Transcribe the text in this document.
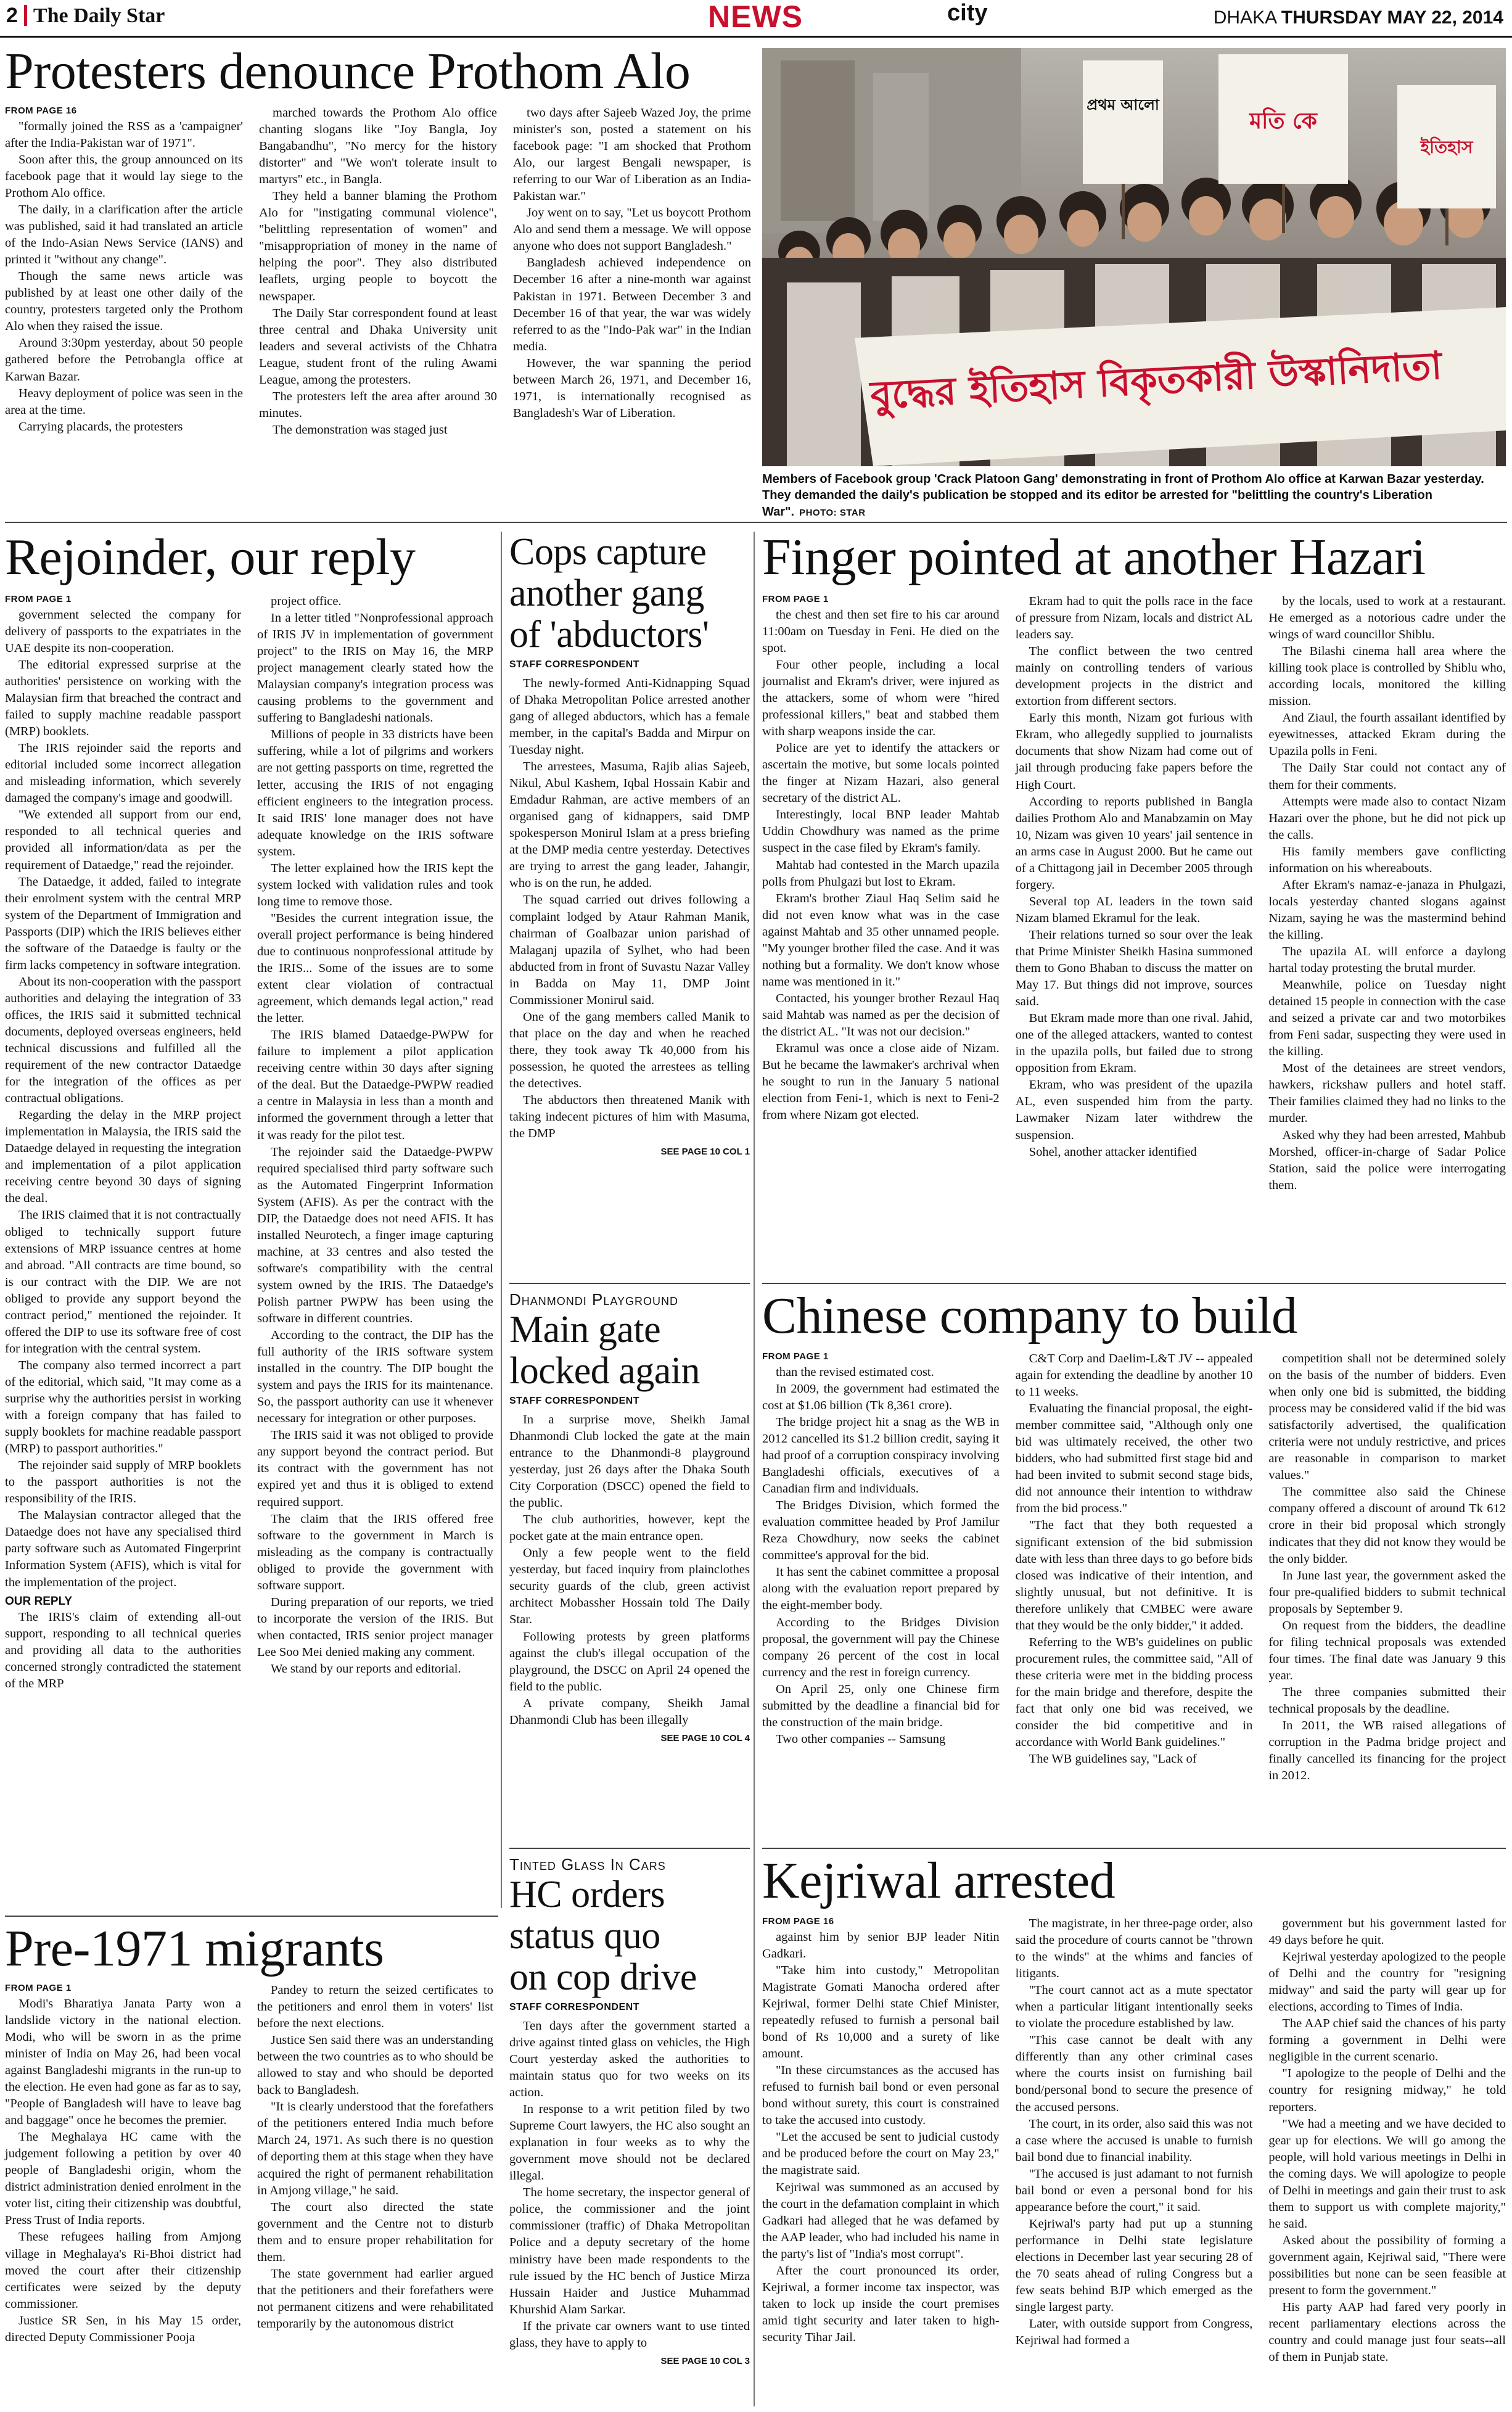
2 The Daily Star	NEWS	city	DHAKA THURSDAY MAY 22, 2014
Protesters denounce Prothom Alo
FROM PAGE 16

"formally joined the RSS as a 'campaigner' after the India-Pakistan war of 1971".

Soon after this, the group announced on its facebook page that it would lay siege to the Prothom Alo office.

The daily, in a clarification after the article was published, said it had translated an article of the Indo-Asian News Service (IANS) and printed it "without any change".

Though the same news article was published by at least one other daily of the country, protesters targeted only the Prothom Alo when they raised the issue.

Around 3:30pm yesterday, about 50 people gathered before the Petrobangla office at Karwan Bazar.

Heavy deployment of police was seen in the area at the time.

Carrying placards, the protesters

marched towards the Prothom Alo office chanting slogans like "Joy Bangla, Joy Bangabandhu", "No mercy for the history distorter" and "We won't tolerate insult to martyrs" etc., in Bangla.

They held a banner blaming the Prothom Alo for "instigating communal violence", "belittling representation of women" and "misappropriation of money in the name of helping the poor". They also distributed leaflets, urging people to boycott the newspaper.

The Daily Star correspondent found at least three central and Dhaka University unit leaders and several activists of the Chhatra League, student front of the ruling Awami League, among the protesters.

The protesters left the area after around 30 minutes.

The demonstration was staged just

two days after Sajeeb Wazed Joy, the prime minister's son, posted a statement on his facebook page: "I am shocked that Prothom Alo, our largest Bengali newspaper, is referring to our War of Liberation as an India-Pakistan war."

Joy went on to say, "Let us boycott Prothom Alo and send them a message. We will oppose anyone who does not support Bangladesh."

Bangladesh achieved independence on December 16 after a nine-month war against Pakistan in 1971. Between December 3 and December 16 of that year, the war was widely referred to as the "Indo-Pak war" in the Indian media.

However, the war spanning the period between March 26, 1971, and December 16, 1971, is internationally recognised as Bangladesh's War of Liberation.

প্রথম আলো
মতি কে
ইতিহাস
বুদ্ধের ইতিহাস বিকৃতকারী উস্কানিদাতা
Members of Facebook group 'Crack Platoon Gang' demonstrating in front of Prothom Alo office at Karwan Bazar yesterday. They demanded the daily's publication be stopped and its editor be arrested for "belittling the country's Liberation War". PHOTO: STAR
Rejoinder, our reply
FROM PAGE 1

government selected the company for delivery of passports to the expatriates in the UAE despite its non-cooperation.

The editorial expressed surprise at the authorities' persistence on working with the Malaysian firm that breached the contract and failed to supply machine readable passport (MRP) booklets.

The IRIS rejoinder said the reports and editorial included some incorrect allegation and misleading information, which severely damaged the company's image and goodwill.

"We extended all support from our end, responded to all technical queries and provided all information/data as per the requirement of Dataedge," read the rejoinder.

The Dataedge, it added, failed to integrate their enrolment system with the central MRP system of the Department of Immigration and Passports (DIP) which the IRIS believes either the software of the Dataedge is faulty or the firm lacks competency in software integration.

About its non-cooperation with the passport authorities and delaying the integration of 33 offices, the IRIS said it submitted technical documents, deployed overseas engineers, held technical discussions and fulfilled all the requirement of the new contractor Dataedge for the integration of the offices as per contractual obligations.

Regarding the delay in the MRP project implementation in Malaysia, the IRIS said the Dataedge delayed in requesting the integration and implementation of a pilot application receiving centre beyond 30 days of signing the deal.

The IRIS claimed that it is not contractually obliged to technically support future extensions of MRP issuance centres at home and abroad. "All contracts are time bound, so is our contract with the DIP. We are not obliged to provide any support beyond the contract period," mentioned the rejoinder. It offered the DIP to use its software free of cost for integration with the central system.

The company also termed incorrect a part of the editorial, which said, "It may come as a surprise why the authorities persist in working with a foreign company that has failed to supply booklets for machine readable passport (MRP) to passport authorities."

The rejoinder said supply of MRP booklets to the passport authorities is not the responsibility of the IRIS.

The Malaysian contractor alleged that the Dataedge does not have any specialised third party software such as Automated Fingerprint Information System (AFIS), which is vital for the implementation of the project.

OUR REPLY

The IRIS's claim of extending all-out support, responding to all technical queries and providing all data to the authorities concerned strongly contradicted the statement of the MRP

project office.

In a letter titled "Nonprofessional approach of IRIS JV in implementation of government project" to the IRIS on May 16, the MRP project management clearly stated how the Malaysian company's integration process was causing problems to the government and suffering to Bangladeshi nationals.

Millions of people in 33 districts have been suffering, while a lot of pilgrims and workers are not getting passports on time, regretted the letter, accusing the IRIS of not engaging efficient engineers to the integration process. It said IRIS' lone manager does not have adequate knowledge on the IRIS software system.

The letter explained how the IRIS kept the system locked with validation rules and took long time to remove those.

"Besides the current integration issue, the overall project performance is being hindered due to continuous nonprofessional attitude by the IRIS... Some of the issues are to some extent clear violation of contractual agreement, which demands legal action," read the letter.

The IRIS blamed Dataedge-PWPW for failure to implement a pilot application receiving centre within 30 days after signing of the deal. But the Dataedge-PWPW readied a centre in Malaysia in less than a month and informed the government through a letter that it was ready for the pilot test.

The rejoinder said the Dataedge-PWPW required specialised third party software such as the Automated Fingerprint Information System (AFIS). As per the contract with the DIP, the Dataedge does not need AFIS. It has installed Neurotech, a finger image capturing machine, at 33 centres and also tested the software's compatibility with the central system owned by the IRIS. The Dataedge's Polish partner PWPW has been using the software in different countries.

According to the contract, the DIP has the full authority of the IRIS software system installed in the country. The DIP bought the system and pays the IRIS for its maintenance. So, the passport authority can use it whenever necessary for integration or other purposes.

The IRIS said it was not obliged to provide any support beyond the contract period. But its contract with the government has not expired yet and thus it is obliged to extend required support.

The claim that the IRIS offered free software to the government in March is misleading as the company is contractually obliged to provide the government with software support.

During preparation of our reports, we tried to incorporate the version of the IRIS. But when contacted, IRIS senior project manager Lee Soo Mei denied making any comment.

We stand by our reports and editorial.

Cops capture
another gang
of 'abductors'
STAFF CORRESPONDENT

The newly-formed Anti-Kidnapping Squad of Dhaka Metropolitan Police arrested another gang of alleged abductors, which has a female member, in the capital's Badda and Mirpur on Tuesday night.

The arrestees, Masuma, Rajib alias Sajeeb, Nikul, Abul Kashem, Iqbal Hossain Kabir and Emdadur Rahman, are active members of an organised gang of kidnappers, said DMP spokesperson Monirul Islam at a press briefing at the DMP media centre yesterday. Detectives are trying to arrest the gang leader, Jahangir, who is on the run, he added.

The squad carried out drives following a complaint lodged by Ataur Rahman Manik, chairman of Goalbazar union parishad of Malaganj upazila of Sylhet, who had been abducted from in front of Suvastu Nazar Valley in Badda on May 11, DMP Joint Commissioner Monirul said.

One of the gang members called Manik to that place on the day and when he reached there, they took away Tk 40,000 from his possession, he quoted the arrestees as telling the detectives.

The abductors then threatened Manik with taking indecent pictures of him with Masuma, the DMP

SEE PAGE 10 COL 1
Dhanmondi Playground
Main gate
locked again
STAFF CORRESPONDENT

In a surprise move, Sheikh Jamal Dhanmondi Club locked the gate at the main entrance to the Dhanmondi-8 playground yesterday, just 26 days after the Dhaka South City Corporation (DSCC) opened the field to the public.

The club authorities, however, kept the pocket gate at the main entrance open.

Only a few people went to the field yesterday, but faced inquiry from plainclothes security guards of the club, green activist architect Mobassher Hossain told The Daily Star.

Following protests by green platforms against the club's illegal occupation of the playground, the DSCC on April 24 opened the field to the public.

A private company, Sheikh Jamal Dhanmondi Club has been illegally

SEE PAGE 10 COL 4
Tinted Glass In Cars
HC orders
status quo
on cop drive
STAFF CORRESPONDENT

Ten days after the government started a drive against tinted glass on vehicles, the High Court yesterday asked the authorities to maintain status quo for two weeks on its action.

In response to a writ petition filed by two Supreme Court lawyers, the HC also sought an explanation in four weeks as to why the government move should not be declared illegal.

The home secretary, the inspector general of police, the commissioner and the joint commissioner (traffic) of Dhaka Metropolitan Police and a deputy secretary of the home ministry have been made respondents to the rule issued by the HC bench of Justice Mirza Hussain Haider and Justice Muhammad Khurshid Alam Sarkar.

If the private car owners want to use tinted glass, they have to apply to

SEE PAGE 10 COL 3
Finger pointed at another Hazari
FROM PAGE 1

the chest and then set fire to his car around 11:00am on Tuesday in Feni. He died on the spot.

Four other people, including a local journalist and Ekram's driver, were injured as the attackers, some of whom were "hired professional killers," beat and stabbed them with sharp weapons inside the car.

Police are yet to identify the attackers or ascertain the motive, but some locals pointed the finger at Nizam Hazari, also general secretary of the district AL.

Interestingly, local BNP leader Mahtab Uddin Chowdhury was named as the prime suspect in the case filed by Ekram's family.

Mahtab had contested in the March upazila polls from Phulgazi but lost to Ekram.

Ekram's brother Ziaul Haq Selim said he did not even know what was in the case against Mahtab and 35 other unnamed people. "My younger brother filed the case. And it was nothing but a formality. We don't know whose name was mentioned in it."

Contacted, his younger brother Rezaul Haq said Mahtab was named as per the decision of the district AL. "It was not our decision."

Ekramul was once a close aide of Nizam. But he became the lawmaker's archrival when he sought to run in the January 5 national election from Feni-1, which is next to Feni-2 from where Nizam got elected.

Ekram had to quit the polls race in the face of pressure from Nizam, locals and district AL leaders say.

The conflict between the two centred mainly on controlling tenders of various development projects in the district and extortion from different sectors.

Early this month, Nizam got furious with Ekram, who allegedly supplied to journalists documents that show Nizam had come out of jail through producing fake papers before the High Court.

According to reports published in Bangla dailies Prothom Alo and Manabzamin on May 10, Nizam was given 10 years' jail sentence in an arms case in August 2000. But he came out of a Chittagong jail in December 2005 through forgery.

Several top AL leaders in the town said Nizam blamed Ekramul for the leak.

Their relations turned so sour over the leak that Prime Minister Sheikh Hasina summoned them to Gono Bhaban to discuss the matter on May 17. But things did not improve, sources said.

But Ekram made more than one rival. Jahid, one of the alleged attackers, wanted to contest in the upazila polls, but failed due to strong opposition from Ekram.

Ekram, who was president of the upazila AL, even suspended him from the party. Lawmaker Nizam later withdrew the suspension.

Sohel, another attacker identified

by the locals, used to work at a restaurant. He emerged as a notorious cadre under the wings of ward councillor Shiblu.

The Bilashi cinema hall area where the killing took place is controlled by Shiblu who, according locals, monitored the killing mission.

And Ziaul, the fourth assailant identified by eyewitnesses, attacked Ekram during the Upazila polls in Feni.

The Daily Star could not contact any of them for their comments.

Attempts were made also to contact Nizam Hazari over the phone, but he did not pick up the calls.

His family members gave conflicting information on his whereabouts.

After Ekram's namaz-e-janaza in Phulgazi, locals yesterday chanted slogans against Nizam, saying he was the mastermind behind the killing.

The upazila AL will enforce a daylong hartal today protesting the brutal murder.

Meanwhile, police on Tuesday night detained 15 people in connection with the case and seized a private car and two motorbikes from Feni sadar, suspecting they were used in the killing.

Most of the detainees are street vendors, hawkers, rickshaw pullers and hotel staff. Their families claimed they had no links to the murder.

Asked why they had been arrested, Mahbub Morshed, officer-in-charge of Sadar Police Station, said the police were interrogating them.

Chinese company to build
FROM PAGE 1

than the revised estimated cost.

In 2009, the government had estimated the cost at $1.06 billion (Tk 8,361 crore).

The bridge project hit a snag as the WB in 2012 cancelled its $1.2 billion credit, saying it had proof of a corruption conspiracy involving Bangladeshi officials, executives of a Canadian firm and individuals.

The Bridges Division, which formed the evaluation committee headed by Prof Jamilur Reza Chowdhury, now seeks the cabinet committee's approval for the bid.

It has sent the cabinet committee a proposal along with the evaluation report prepared by the eight-member body.

According to the Bridges Division proposal, the government will pay the Chinese company 26 percent of the cost in local currency and the rest in foreign currency.

On April 25, only one Chinese firm submitted by the deadline a financial bid for the construction of the main bridge.

Two other companies -- Samsung

C&T Corp and Daelim-L&T JV -- appealed again for extending the deadline by another 10 to 11 weeks.

Evaluating the financial proposal, the eight-member committee said, "Although only one bid was ultimately received, the other two bidders, who had submitted first stage bid and had been invited to submit second stage bids, did not announce their intention to withdraw from the bid process."

"The fact that they both requested a significant extension of the bid submission date with less than three days to go before bids closed was indicative of their intention, and slightly unusual, but not definitive. It is therefore unlikely that CMBEC were aware that they would be the only bidder," it added.

Referring to the WB's guidelines on public procurement rules, the committee said, "All of these criteria were met in the bidding process for the main bridge and therefore, despite the fact that only one bid was received, we consider the bid competitive and in accordance with World Bank guidelines."

The WB guidelines say, "Lack of

competition shall not be determined solely on the basis of the number of bidders. Even when only one bid is submitted, the bidding process may be considered valid if the bid was satisfactorily advertised, the qualification criteria were not unduly restrictive, and prices are reasonable in comparison to market values."

The committee also said the Chinese company offered a discount of around Tk 612 crore in their bid proposal which strongly indicates that they did not know they would be the only bidder.

In June last year, the government asked the four pre-qualified bidders to submit technical proposals by September 9.

On request from the bidders, the deadline for filing technical proposals was extended four times. The final date was January 9 this year.

The three companies submitted their technical proposals by the deadline.

In 2011, the WB raised allegations of corruption in the Padma bridge project and finally cancelled its financing for the project in 2012.

Kejriwal arrested
FROM PAGE 16

against him by senior BJP leader Nitin Gadkari.

"Take him into custody," Metropolitan Magistrate Gomati Manocha ordered after Kejriwal, former Delhi state Chief Minister, repeatedly refused to furnish a personal bail bond of Rs 10,000 and a surety of like amount.

"In these circumstances as the accused has refused to furnish bail bond or even personal bond without surety, this court is constrained to take the accused into custody.

"Let the accused be sent to judicial custody and be produced before the court on May 23," the magistrate said.

Kejriwal was summoned as an accused by the court in the defamation complaint in which Gadkari had alleged that he was defamed by the AAP leader, who had included his name in the party's list of "India's most corrupt".

After the court pronounced its order, Kejriwal, a former income tax inspector, was taken to lock up inside the court premises amid tight security and later taken to high-security Tihar Jail.

The magistrate, in her three-page order, also said the procedure of courts cannot be "thrown to the winds" at the whims and fancies of litigants.

"The court cannot act as a mute spectator when a particular litigant intentionally seeks to violate the procedure established by law.

"This case cannot be dealt with any differently than any other criminal cases where the courts insist on furnishing bail bond/personal bond to secure the presence of the accused persons.

The court, in its order, also said this was not a case where the accused is unable to furnish bail bond due to financial inability.

"The accused is just adamant to not furnish bail bond or even a personal bond for his appearance before the court," it said.

Kejriwal's party had put up a stunning performance in Delhi state legislature elections in December last year securing 28 of the 70 seats ahead of ruling Congress but a few seats behind BJP which emerged as the single largest party.

Later, with outside support from Congress, Kejriwal had formed a

government but his government lasted for 49 days before he quit.

Kejriwal yesterday apologized to the people of Delhi and the country for "resigning midway" and said the party will gear up for elections, according to Times of India.

The AAP chief said the chances of his party forming a government in Delhi were negligible in the current scenario.

"I apologize to the people of Delhi and the country for resigning midway," he told reporters.

"We had a meeting and we have decided to gear up for elections. We will go among the people, will hold various meetings in Delhi in the coming days. We will apologize to people of Delhi in meetings and gain their trust to ask them to support us with complete majority," he said.

Asked about the possibility of forming a government again, Kejriwal said, "There were possibilities but none can be seen feasible at present to form the government."

His party AAP had fared very poorly in recent parliamentary elections across the country and could manage just four seats--all of them in Punjab state.

Pre-1971 migrants
FROM PAGE 1

Modi's Bharatiya Janata Party won a landslide victory in the national election. Modi, who will be sworn in as the prime minister of India on May 26, had been vocal against Bangladeshi migrants in the run-up to the election. He even had gone as far as to say, "People of Bangladesh will have to leave bag and baggage" once he becomes the premier.

The Meghalaya HC came with the judgement following a petition by over 40 people of Bangladeshi origin, whom the district administration denied enrolment in the voter list, citing their citizenship was doubtful, Press Trust of India reports.

These refugees hailing from Amjong village in Meghalaya's Ri-Bhoi district had moved the court after their citizenship certificates were seized by the deputy commissioner.

Justice SR Sen, in his May 15 order, directed Deputy Commissioner Pooja

Pandey to return the seized certificates to the petitioners and enrol them in voters' list before the next elections.

Justice Sen said there was an understanding between the two countries as to who should be allowed to stay and who should be deported back to Bangladesh.

"It is clearly understood that the forefathers of the petitioners entered India much before March 24, 1971. As such there is no question of deporting them at this stage when they have acquired the right of permanent rehabilitation in Amjong village," he said.

The court also directed the state government and the Centre not to disturb them and to ensure proper rehabilitation for them.

The state government had earlier argued that the petitioners and their forefathers were not permanent citizens and were rehabilitated temporarily by the autonomous district
